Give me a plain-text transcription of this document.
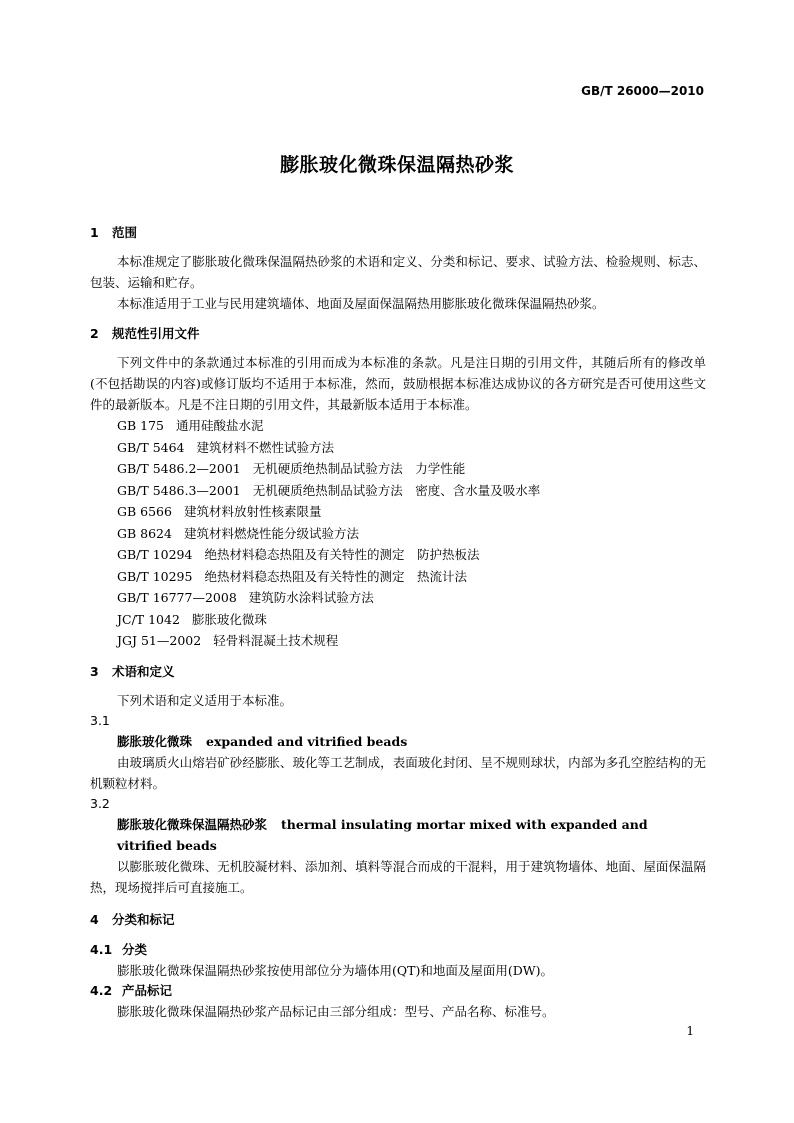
GB/T 26000—2010
膨胀玻化微珠保温隔热砂浆
1 范围
本标准规定了膨胀玻化微珠保温隔热砂浆的术语和定义、分类和标记、要求、试验方法、检验规则、标志、包装、运输和贮存。
本标准适用于工业与民用建筑墙体、地面及屋面保温隔热用膨胀玻化微珠保温隔热砂浆。
2 规范性引用文件
下列文件中的条款通过本标准的引用而成为本标准的条款。凡是注日期的引用文件，其随后所有的修改单(不包括勘误的内容)或修订版均不适用于本标准，然而，鼓励根据本标准达成协议的各方研究是否可使用这些文件的最新版本。凡是不注日期的引用文件，其最新版本适用于本标准。
GB 175 通用硅酸盐水泥
GB/T 5464 建筑材料不燃性试验方法
GB/T 5486.2—2001 无机硬质绝热制品试验方法　力学性能
GB/T 5486.3—2001 无机硬质绝热制品试验方法　密度、含水量及吸水率
GB 6566 建筑材料放射性核素限量
GB 8624 建筑材料燃烧性能分级试验方法
GB/T 10294 绝热材料稳态热阻及有关特性的测定　防护热板法
GB/T 10295 绝热材料稳态热阻及有关特性的测定　热流计法
GB/T 16777—2008 建筑防水涂料试验方法
JC/T 1042 膨胀玻化微珠
JGJ 51—2002 轻骨料混凝土技术规程
3 术语和定义
下列术语和定义适用于本标准。
3.1
膨胀玻化微珠 expanded and vitrified beads
由玻璃质火山熔岩矿砂经膨胀、玻化等工艺制成，表面玻化封闭、呈不规则球状，内部为多孔空腔结构的无机颗粒材料。
3.2
膨胀玻化微珠保温隔热砂浆 thermal insulating mortar mixed with expanded and vitrified beads
以膨胀玻化微珠、无机胶凝材料、添加剂、填料等混合而成的干混料，用于建筑物墙体、地面、屋面保温隔热，现场搅拌后可直接施工。
4 分类和标记
4.1 分类
膨胀玻化微珠保温隔热砂浆按使用部位分为墙体用(QT)和地面及屋面用(DW)。
4.2 产品标记
膨胀玻化微珠保温隔热砂浆产品标记由三部分组成：型号、产品名称、标准号。
1
